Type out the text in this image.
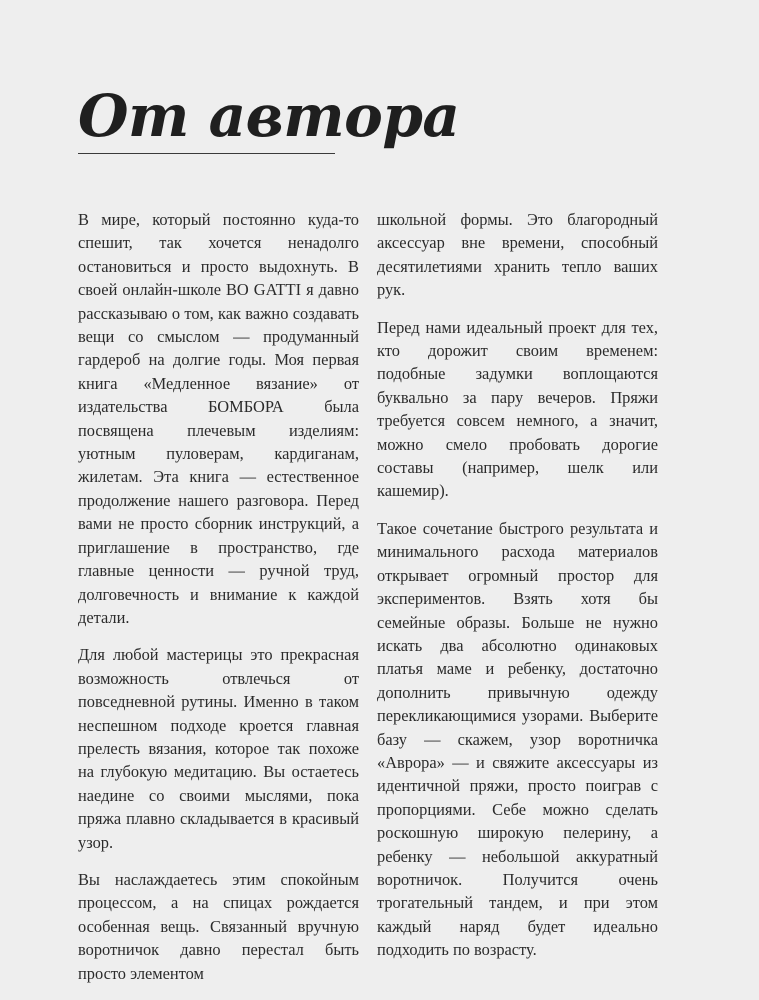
От автора

В мире, который постоянно куда-то спешит, так хочется ненадолго остановиться и просто выдохнуть. В своей онлайн-школе BO GATTI я давно рассказываю о том, как важно создавать вещи со смыслом — продуманный гардероб на долгие годы. Моя первая книга «Медленное вязание» от издательства БОМБОРА была посвящена плечевым изделиям: уютным пуловерам, кардиганам, жилетам. Эта книга — естественное продолжение нашего разговора. Перед вами не просто сборник инструкций, а приглашение в пространство, где главные ценности — ручной труд, долговечность и внимание к каждой детали.

Для любой мастерицы это прекрасная возможность отвлечься от повседневной рутины. Именно в таком неспешном подходе кроется главная прелесть вязания, которое так похоже на глубокую медитацию. Вы остаетесь наедине со своими мыслями, пока пряжа плавно складывается в красивый узор.

Вы наслаждаетесь этим спокойным процессом, а на спицах рождается особенная вещь. Связанный вручную воротничок давно перестал быть просто элементом

школьной формы. Это благородный аксессуар вне времени, способный десятилетиями хранить тепло ваших рук.

Перед нами идеальный проект для тех, кто дорожит своим временем: подобные задумки воплощаются буквально за пару вечеров. Пряжи требуется совсем немного, а значит, можно смело пробовать дорогие составы (например, шелк или кашемир).

Такое сочетание быстрого результата и минимального расхода материалов открывает огромный простор для экспериментов. Взять хотя бы семейные образы. Больше не нужно искать два абсолютно одинаковых платья маме и ребенку, достаточно дополнить привычную одежду перекликающимися узорами. Выберите базу — скажем, узор воротничка «Аврора» — и свяжите аксессуары из идентичной пряжи, просто поиграв с пропорциями. Себе можно сделать роскошную широкую пелерину, а ребенку — небольшой аккуратный воротничок. Получится очень трогательный тандем, и при этом каждый наряд будет идеально подходить по возрасту.
